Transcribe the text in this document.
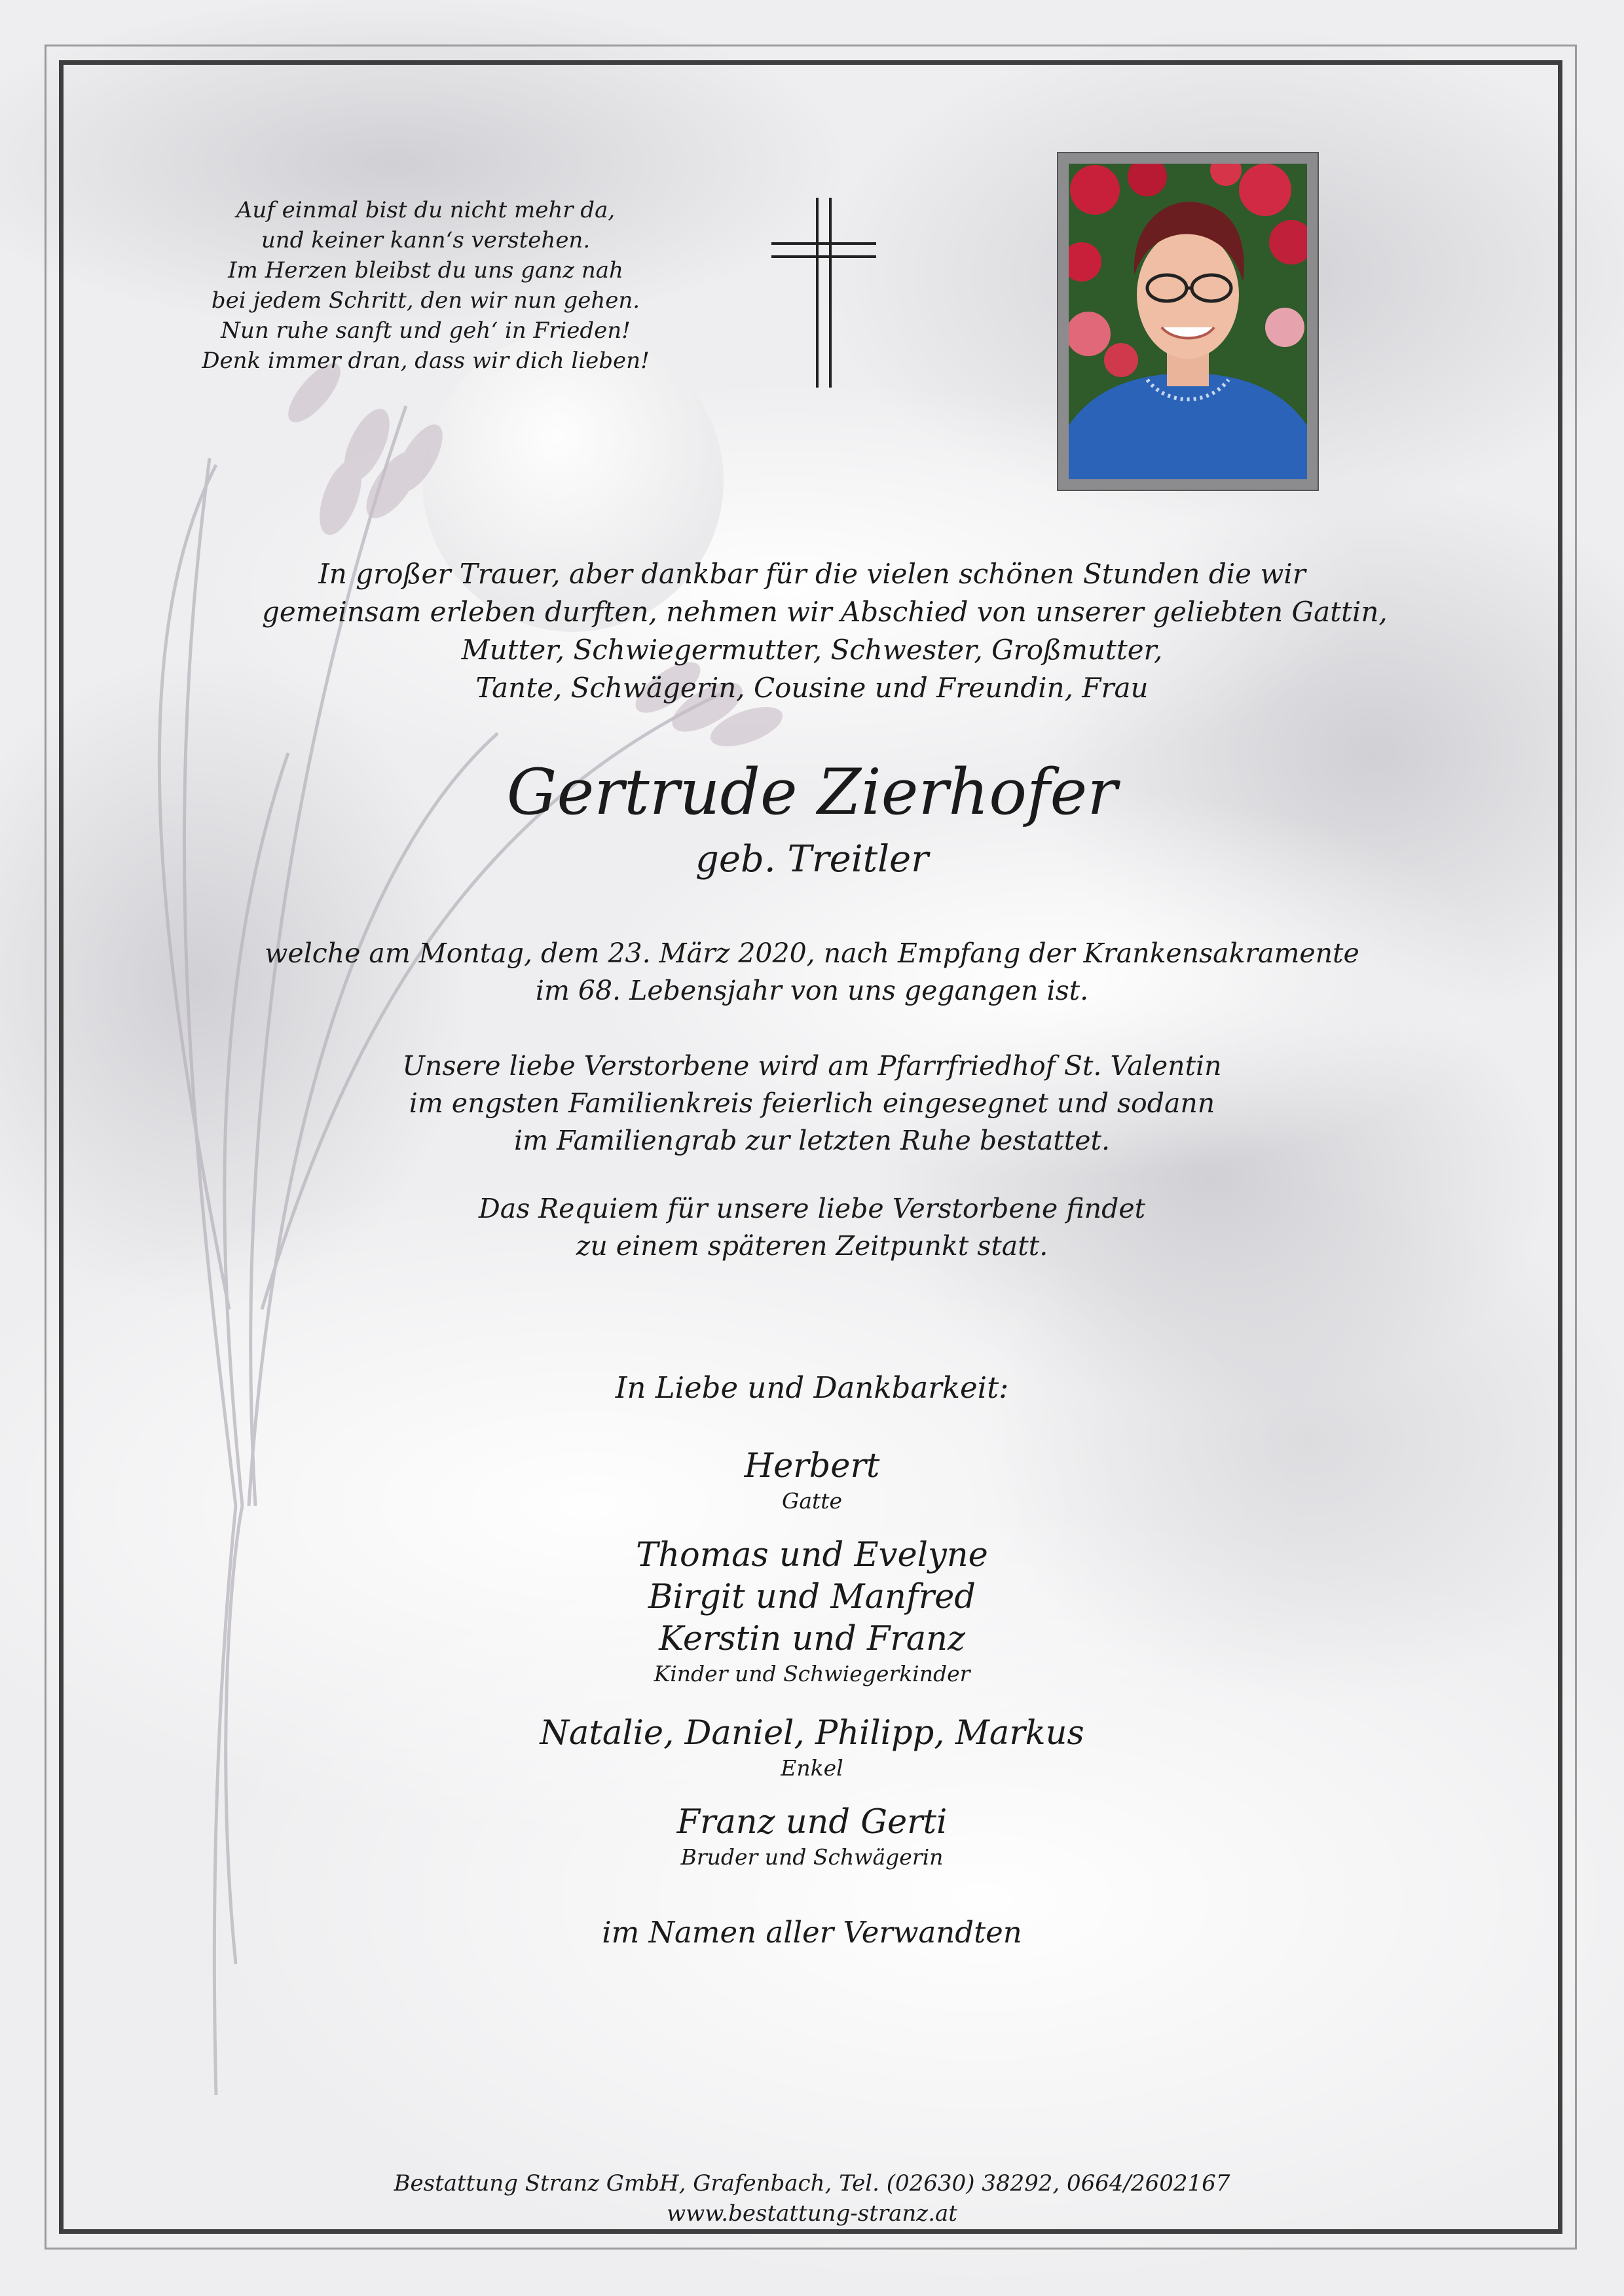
Auf einmal bist du nicht mehr da,
und keiner kann‘s verstehen.
Im Herzen bleibst du uns ganz nah
bei jedem Schritt, den wir nun gehen.
Nun ruhe sanft und geh‘ in Frieden!
Denk immer dran, dass wir dich lieben!
In großer Trauer, aber dankbar für die vielen schönen Stunden die wir
gemeinsam erleben durften, nehmen wir Abschied von unserer geliebten Gattin,
Mutter, Schwiegermutter, Schwester, Großmutter,
Tante, Schwägerin, Cousine und Freundin, Frau
Gertrude Zierhofer
geb. Treitler
welche am Montag, dem 23. März 2020, nach Empfang der Krankensakramente
im 68. Lebensjahr von uns gegangen ist.
Unsere liebe Verstorbene wird am Pfarrfriedhof St. Valentin
im engsten Familienkreis feierlich eingesegnet und sodann
im Familiengrab zur letzten Ruhe bestattet.
Das Requiem für unsere liebe Verstorbene findet
zu einem späteren Zeitpunkt statt.
In Liebe und Dankbarkeit:
Herbert
Gatte
Thomas und Evelyne
Birgit und Manfred
Kerstin und Franz
Kinder und Schwiegerkinder
Natalie, Daniel, Philipp, Markus
Enkel
Franz und Gerti
Bruder und Schwägerin
im Namen aller Verwandten
Bestattung Stranz GmbH, Grafenbach, Tel. (02630) 38292, 0664/2602167
www.bestattung-stranz.at
